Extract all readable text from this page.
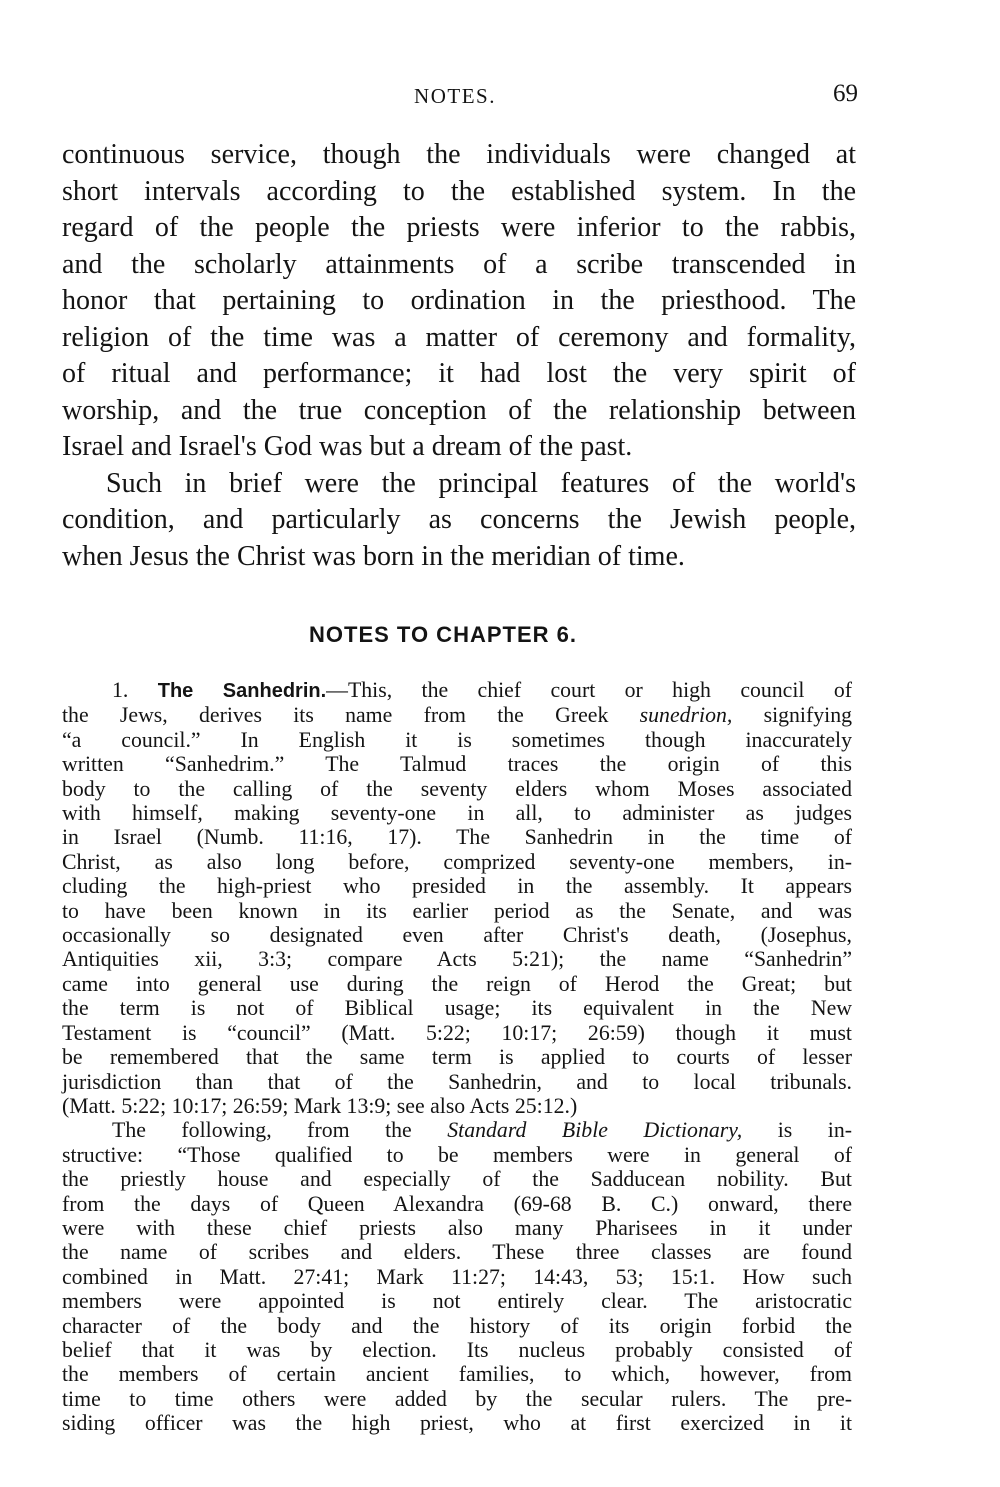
NOTES.	69

continuous service, though the individuals were changed at
short intervals according to the established system. In the
regard of the people the priests were inferior to the rabbis,
and the scholarly attainments of a scribe transcended in
honor that pertaining to ordination in the priesthood. The
religion of the time was a matter of ceremony and formality,
of ritual and performance; it had lost the very spirit of
worship, and the true conception of the relationship between
Israel and Israel's God was but a dream of the past.

Such in brief were the principal features of the world's
condition, and particularly as concerns the Jewish people,
when Jesus the Christ was born in the meridian of time.

NOTES TO CHAPTER 6.
1. The Sanhedrin.—This, the chief court or high council of
the Jews, derives its name from the Greek sunedrion, signifying
“a council.” In English it is sometimes though inaccurately
written “Sanhedrim.” The Talmud traces the origin of this
body to the calling of the seventy elders whom Moses associated
with himself, making seventy-one in all, to administer as judges
in Israel (Numb. 11:16, 17). The Sanhedrin in the time of
Christ, as also long before, comprized seventy-one members, in-
cluding the high-priest who presided in the assembly. It appears
to have been known in its earlier period as the Senate, and was
occasionally so designated even after Christ's death, (Josephus,
Antiquities xii, 3:3; compare Acts 5:21); the name “Sanhedrin”
came into general use during the reign of Herod the Great; but
the term is not of Biblical usage; its equivalent in the New
Testament is “council” (Matt. 5:22; 10:17; 26:59) though it must
be remembered that the same term is applied to courts of lesser
jurisdiction than that of the Sanhedrin, and to local tribunals.
(Matt. 5:22; 10:17; 26:59; Mark 13:9; see also Acts 25:12.)
The following, from the Standard Bible Dictionary, is in-
structive: “Those qualified to be members were in general of
the priestly house and especially of the Sadducean nobility. But
from the days of Queen Alexandra (69-68 B. C.) onward, there
were with these chief priests also many Pharisees in it under
the name of scribes and elders. These three classes are found
combined in Matt. 27:41; Mark 11:27; 14:43, 53; 15:1. How such
members were appointed is not entirely clear. The aristocratic
character of the body and the history of its origin forbid the
belief that it was by election. Its nucleus probably consisted of
the members of certain ancient families, to which, however, from
time to time others were added by the secular rulers. The pre-
siding officer was the high priest, who at first exercized in it
